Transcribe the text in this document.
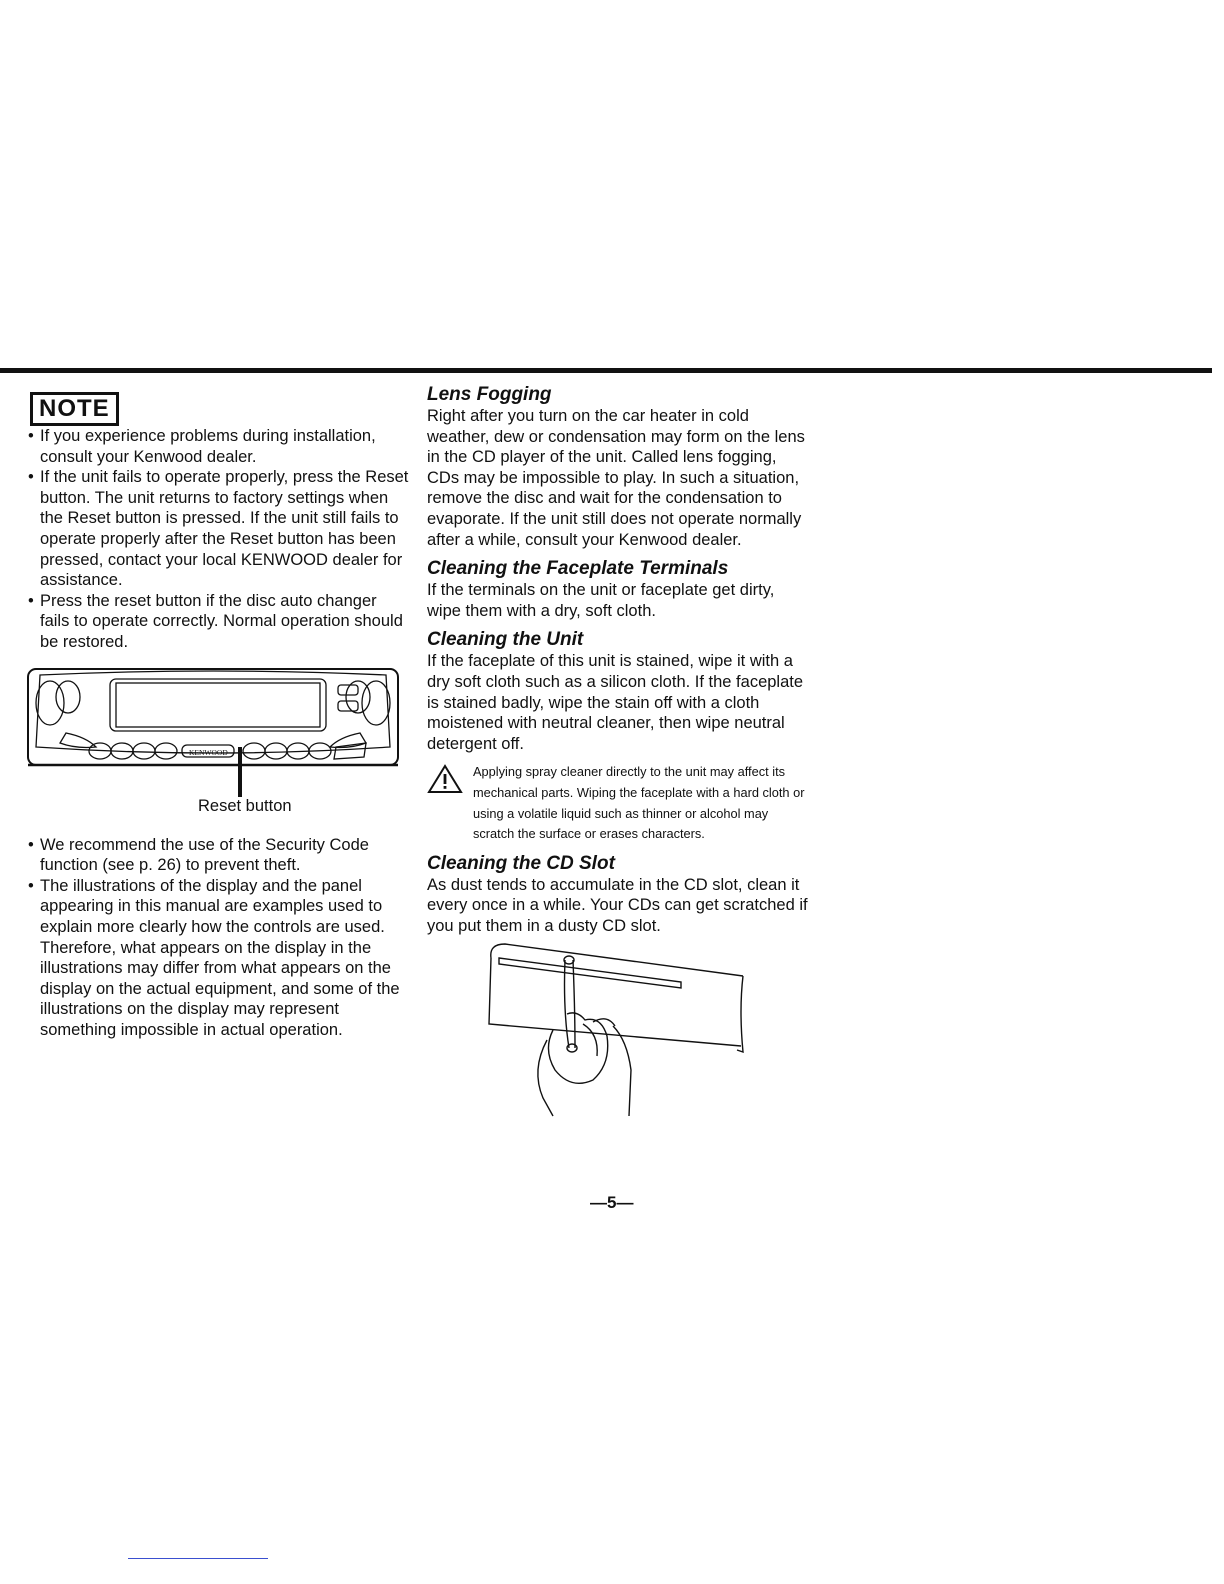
NOTE
• If you experience problems during installation, consult your Kenwood dealer.
• If the unit fails to operate properly, press the Reset button. The unit returns to factory settings when the Reset button is pressed. If the unit still fails to operate properly after the Reset button has been pressed, contact your local KENWOOD dealer for assistance.
• Press the reset button if the disc auto changer fails to operate correctly. Normal operation should be restored.
KENWOOD
Reset button
• We recommend the use of the Security Code function (see p. 26) to prevent theft.
• The illustrations of the display and the panel appearing in this manual are examples used to explain more clearly how the controls are used. Therefore, what appears on the display in the illustrations may differ from what appears on the display on the actual equipment, and some of the illustrations on the display may represent something impossible in actual operation.
Lens Fogging

Right after you turn on the car heater in cold weather, dew or condensation may form on the lens in the CD player of the unit. Called lens fogging, CDs may be impossible to play. In such a situation, remove the disc and wait for the condensation to evaporate. If the unit still does not operate normally after a while, consult your Kenwood dealer.

Cleaning the Faceplate Terminals

If the terminals on the unit or faceplate get dirty, wipe them with a dry, soft cloth.

Cleaning the Unit

If the faceplate of this unit is stained, wipe it with a dry soft cloth such as a silicon cloth. If the faceplate is stained badly, wipe the stain off with a cloth moistened with neutral cleaner, then wipe neutral detergent off.

Applying spray cleaner directly to the unit may affect its mechanical parts. Wiping the faceplate with a hard cloth or using a volatile liquid such as thinner or alcohol may scratch the surface or erases characters.

Cleaning the CD Slot

As dust tends to accumulate in the CD slot, clean it every once in a while. Your CDs can get scratched if you put them in a dusty CD slot.

—5—
